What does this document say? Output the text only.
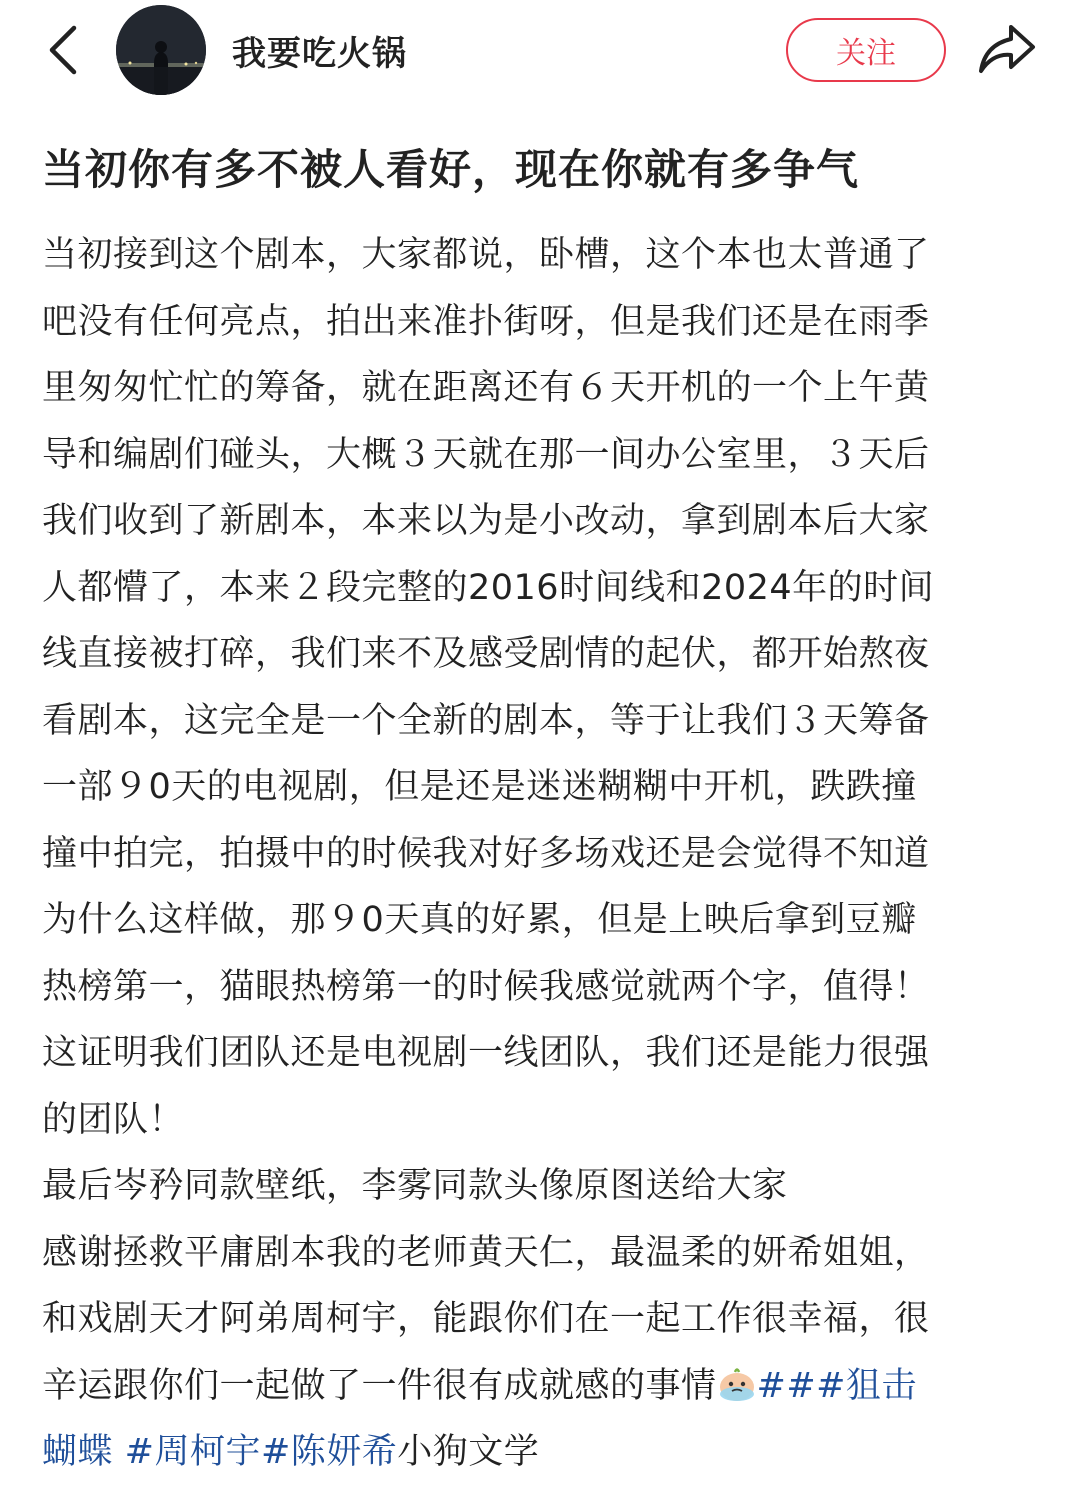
我要吃火锅	关注
当初你有多不被人看好，现在你就有多争气
当初接到这个剧本，大家都说，卧槽，这个本也太普通了
吧没有任何亮点，拍出来准扑街呀，但是我们还是在雨季
里匆匆忙忙的筹备，就在距离还有６天开机的一个上午黄
导和编剧们碰头，大概３天就在那一间办公室里，３天后
我们收到了新剧本，本来以为是小改动，拿到剧本后大家
人都懵了，本来２段完整的2016时间线和2024年的时间
线直接被打碎，我们来不及感受剧情的起伏，都开始熬夜
看剧本，这完全是一个全新的剧本，等于让我们３天筹备
一部９0天的电视剧，但是还是迷迷糊糊中开机，跌跌撞
撞中拍完，拍摄中的时候我对好多场戏还是会觉得不知道
为什么这样做，那９0天真的好累，但是上映后拿到豆瓣
热榜第一，猫眼热榜第一的时候我感觉就两个字，值得！
这证明我们团队还是电视剧一线团队，我们还是能力很强
的团队！
最后岑矜同款壁纸，李雾同款头像原图送给大家
感谢拯救平庸剧本我的老师黄天仁，最温柔的妍希姐姐，
和戏剧天才阿弟周柯宇，能跟你们在一起工作很幸福，很
辛运跟你们一起做了一件很有成就感的事情 ###狙击
蝴蝶 #周柯宇#陈妍希小狗文学
